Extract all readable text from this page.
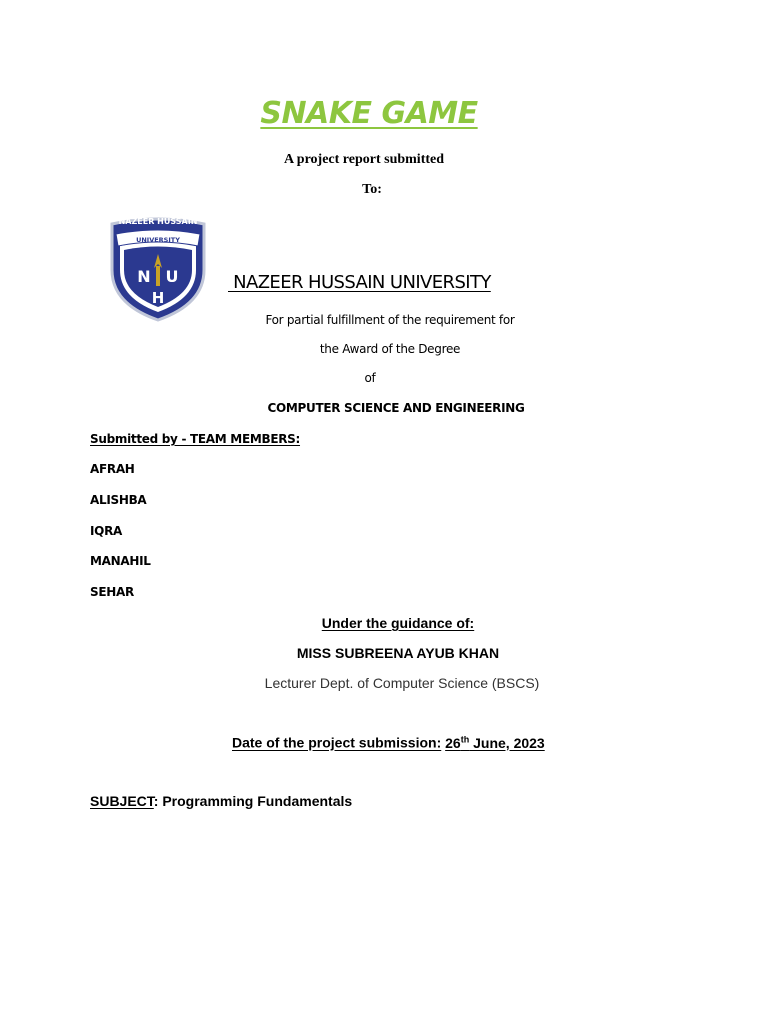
SNAKE GAME
A project report submitted
To:
NAZEER HUSSAIN
UNIVERSITY
N U
H
NAZEER HUSSAIN UNIVERSITY
For partial fulfillment of the requirement for
the Award of the Degree
of
COMPUTER SCIENCE AND ENGINEERING
Submitted by - TEAM MEMBERS:
AFRAH
ALISHBA
IQRA
MANAHIL
SEHAR
Under the guidance of:
MISS SUBREENA AYUB KHAN
Lecturer Dept. of Computer Science (BSCS)
Date of the project submission: 26th June, 2023
SUBJECT: Programming Fundamentals
